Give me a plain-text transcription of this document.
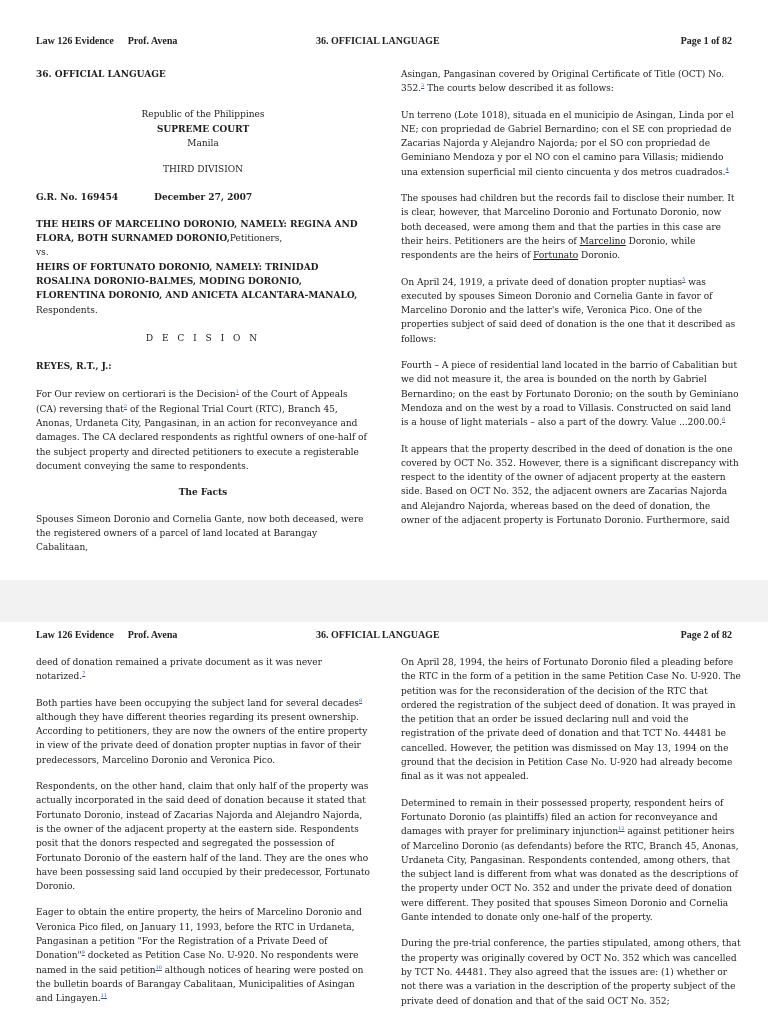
Law 126 Evidence Prof. Avena	36. OFFICIAL LANGUAGE	Page 1 of 82
36. OFFICIAL LANGUAGE
Republic of the Philippines
SUPREME COURT
Manila
THIRD DIVISION
G.R. No. 169454	December 27, 2007
THE HEIRS OF MARCELINO DORONIO, NAMELY: REGINA AND FLORA, BOTH SURNAMED DORONIO,Petitioners,
vs.
HEIRS OF FORTUNATO DORONIO, NAMELY: TRINIDAD ROSALINA DORONIO-BALMES, MODING DORONIO, FLORENTINA DORONIO, AND ANICETA ALCANTARA-MANALO, Respondents.
D E C I S I O N
REYES, R.T., J.:

For Our review on certiorari is the Decision$^1$ of the Court of Appeals (CA) reversing that$^2$ of the Regional Trial Court (RTC), Branch 45, Anonas, Urdaneta City, Pangasinan, in an action for reconveyance and damages. The CA declared respondents as rightful owners of one-half of the subject property and directed petitioners to execute a registerable document conveying the same to respondents.

The Facts

Spouses Simeon Doronio and Cornelia Gante, now both deceased, were the registered owners of a parcel of land located at Barangay Cabalitaan,

Asingan, Pangasinan covered by Original Certificate of Title (OCT) No. 352.$^3$ The courts below described it as follows:

Un terreno (Lote 1018), situada en el municipio de Asingan, Linda por el NE; con propriedad de Gabriel Bernardino; con el SE con propriedad de Zacarias Najorda y Alejandro Najorda; por el SO con propriedad de Geminiano Mendoza y por el NO con el camino para Villasis; midiendo una extension superficial mil ciento cincuenta y dos metros cuadrados.$^4$

The spouses had children but the records fail to disclose their number. It is clear, however, that Marcelino Doronio and Fortunato Doronio, now both deceased, were among them and that the parties in this case are their heirs. Petitioners are the heirs of Marcelino Doronio, while respondents are the heirs of Fortunato Doronio.

On April 24, 1919, a private deed of donation propter nuptias$^5$ was executed by spouses Simeon Doronio and Cornelia Gante in favor of Marcelino Doronio and the latter's wife, Veronica Pico. One of the properties subject of said deed of donation is the one that it described as follows:

Fourth – A piece of residential land located in the barrio of Cabalitian but we did not measure it, the area is bounded on the north by Gabriel Bernardino; on the east by Fortunato Doronio; on the south by Geminiano Mendoza and on the west by a road to Villasis. Constructed on said land is a house of light materials – also a part of the dowry. Value ...200.00.$^6$

It appears that the property described in the deed of donation is the one covered by OCT No. 352. However, there is a significant discrepancy with respect to the identity of the owner of adjacent property at the eastern side. Based on OCT No. 352, the adjacent owners are Zacarias Najorda and Alejandro Najorda, whereas based on the deed of donation, the owner of the adjacent property is Fortunato Doronio. Furthermore, said

Law 126 Evidence Prof. Avena	36. OFFICIAL LANGUAGE	Page 2 of 82

deed of donation remained a private document as it was never notarized.$^7$

Both parties have been occupying the subject land for several decades$^8$ although they have different theories regarding its present ownership. According to petitioners, they are now the owners of the entire property in view of the private deed of donation propter nuptias in favor of their predecessors, Marcelino Doronio and Veronica Pico.

Respondents, on the other hand, claim that only half of the property was actually incorporated in the said deed of donation because it stated that Fortunato Doronio, instead of Zacarias Najorda and Alejandro Najorda, is the owner of the adjacent property at the eastern side. Respondents posit that the donors respected and segregated the possession of Fortunato Doronio of the eastern half of the land. They are the ones who have been possessing said land occupied by their predecessor, Fortunato Doronio.

Eager to obtain the entire property, the heirs of Marcelino Doronio and Veronica Pico filed, on January 11, 1993, before the RTC in Urdaneta, Pangasinan a petition "For the Registration of a Private Deed of Donation"$^9$ docketed as Petition Case No. U-920. No respondents were named in the said petition$^{10}$ although notices of hearing were posted on the bulletin boards of Barangay Cabalitaan, Municipalities of Asingan and Lingayen.$^{11}$

On April 28, 1994, the heirs of Fortunato Doronio filed a pleading before the RTC in the form of a petition in the same Petition Case No. U-920. The petition was for the reconsideration of the decision of the RTC that ordered the registration of the subject deed of donation. It was prayed in the petition that an order be issued declaring null and void the registration of the private deed of donation and that TCT No. 44481 be cancelled. However, the petition was dismissed on May 13, 1994 on the ground that the decision in Petition Case No. U-920 had already become final as it was not appealed.

Determined to remain in their possessed property, respondent heirs of Fortunato Doronio (as plaintiffs) filed an action for reconveyance and damages with prayer for preliminary injunction$^{12}$ against petitioner heirs of Marcelino Doronio (as defendants) before the RTC, Branch 45, Anonas, Urdaneta City, Pangasinan. Respondents contended, among others, that the subject land is different from what was donated as the descriptions of the property under OCT No. 352 and under the private deed of donation were different. They posited that spouses Simeon Doronio and Cornelia Gante intended to donate only one-half of the property.

During the pre-trial conference, the parties stipulated, among others, that the property was originally covered by OCT No. 352 which was cancelled by TCT No. 44481. They also agreed that the issues are: (1) whether or not there was a variation in the description of the property subject of the private deed of donation and that of the said OCT No. 352;
